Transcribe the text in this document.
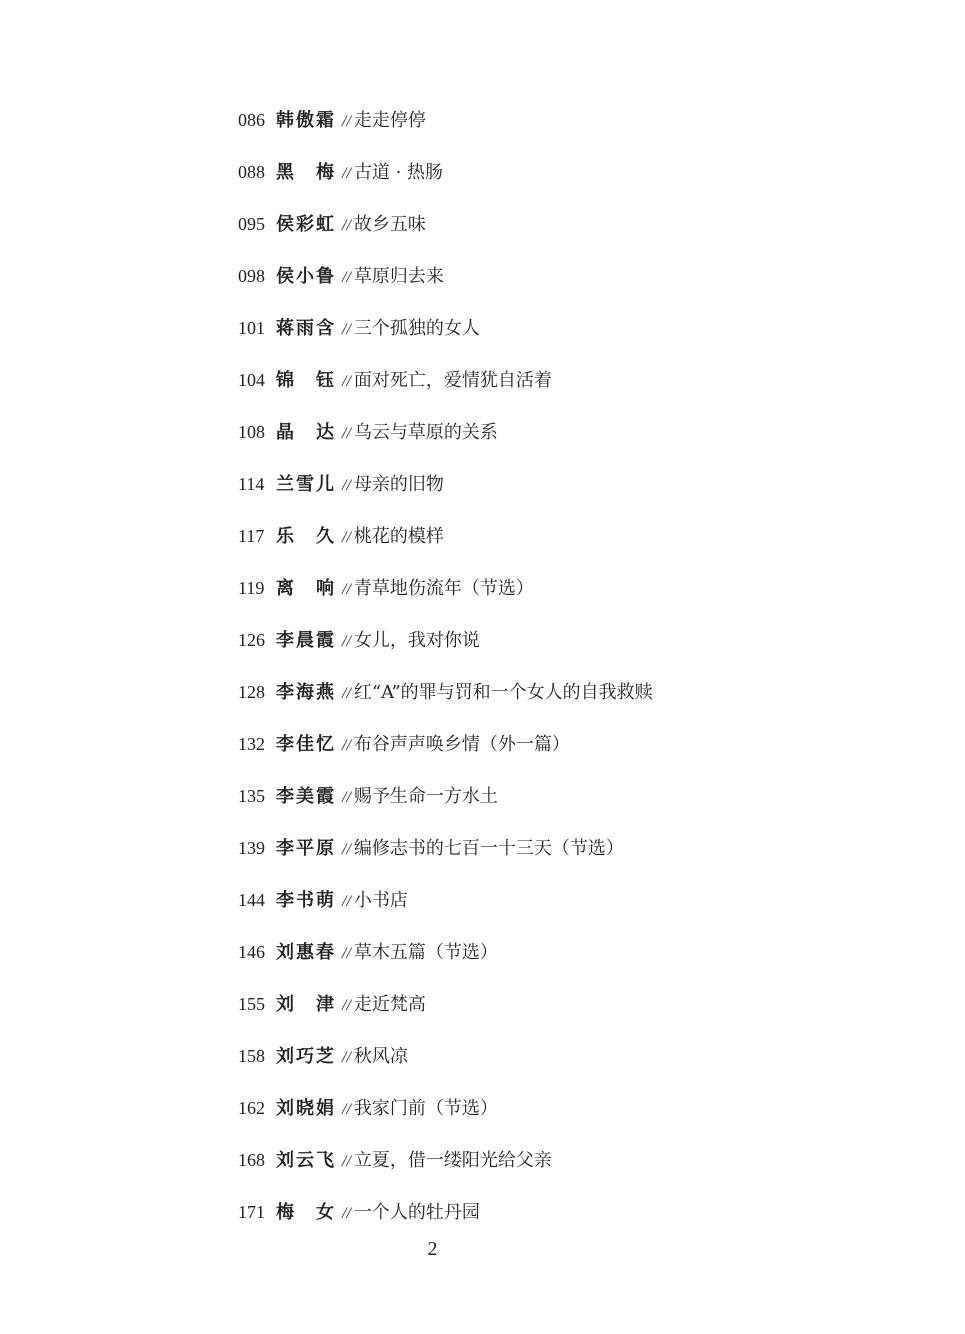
086 韩傲霜 // 走走停停
088 黑梅 // 古道 · 热肠
095 侯彩虹 // 故乡五味
098 侯小鲁 // 草原归去来
101 蒋雨含 // 三个孤独的女人
104 锦钰 // 面对死亡，爱情犹自活着
108 晶达 // 乌云与草原的关系
114 兰雪儿 // 母亲的旧物
117 乐久 // 桃花的模样
119 离响 // 青草地伤流年（节选）
126 李晨霞 // 女儿，我对你说
128 李海燕 // 红“A”的罪与罚和一个女人的自我救赎
132 李佳忆 // 布谷声声唤乡情（外一篇）
135 李美霞 // 赐予生命一方水土
139 李平原 // 编修志书的七百一十三天（节选）
144 李书萌 // 小书店
146 刘惠春 // 草木五篇（节选）
155 刘津 // 走近梵高
158 刘巧芝 // 秋风凉
162 刘晓娟 // 我家门前（节选）
168 刘云飞 // 立夏，借一缕阳光给父亲
171 梅女 // 一个人的牡丹园
2
